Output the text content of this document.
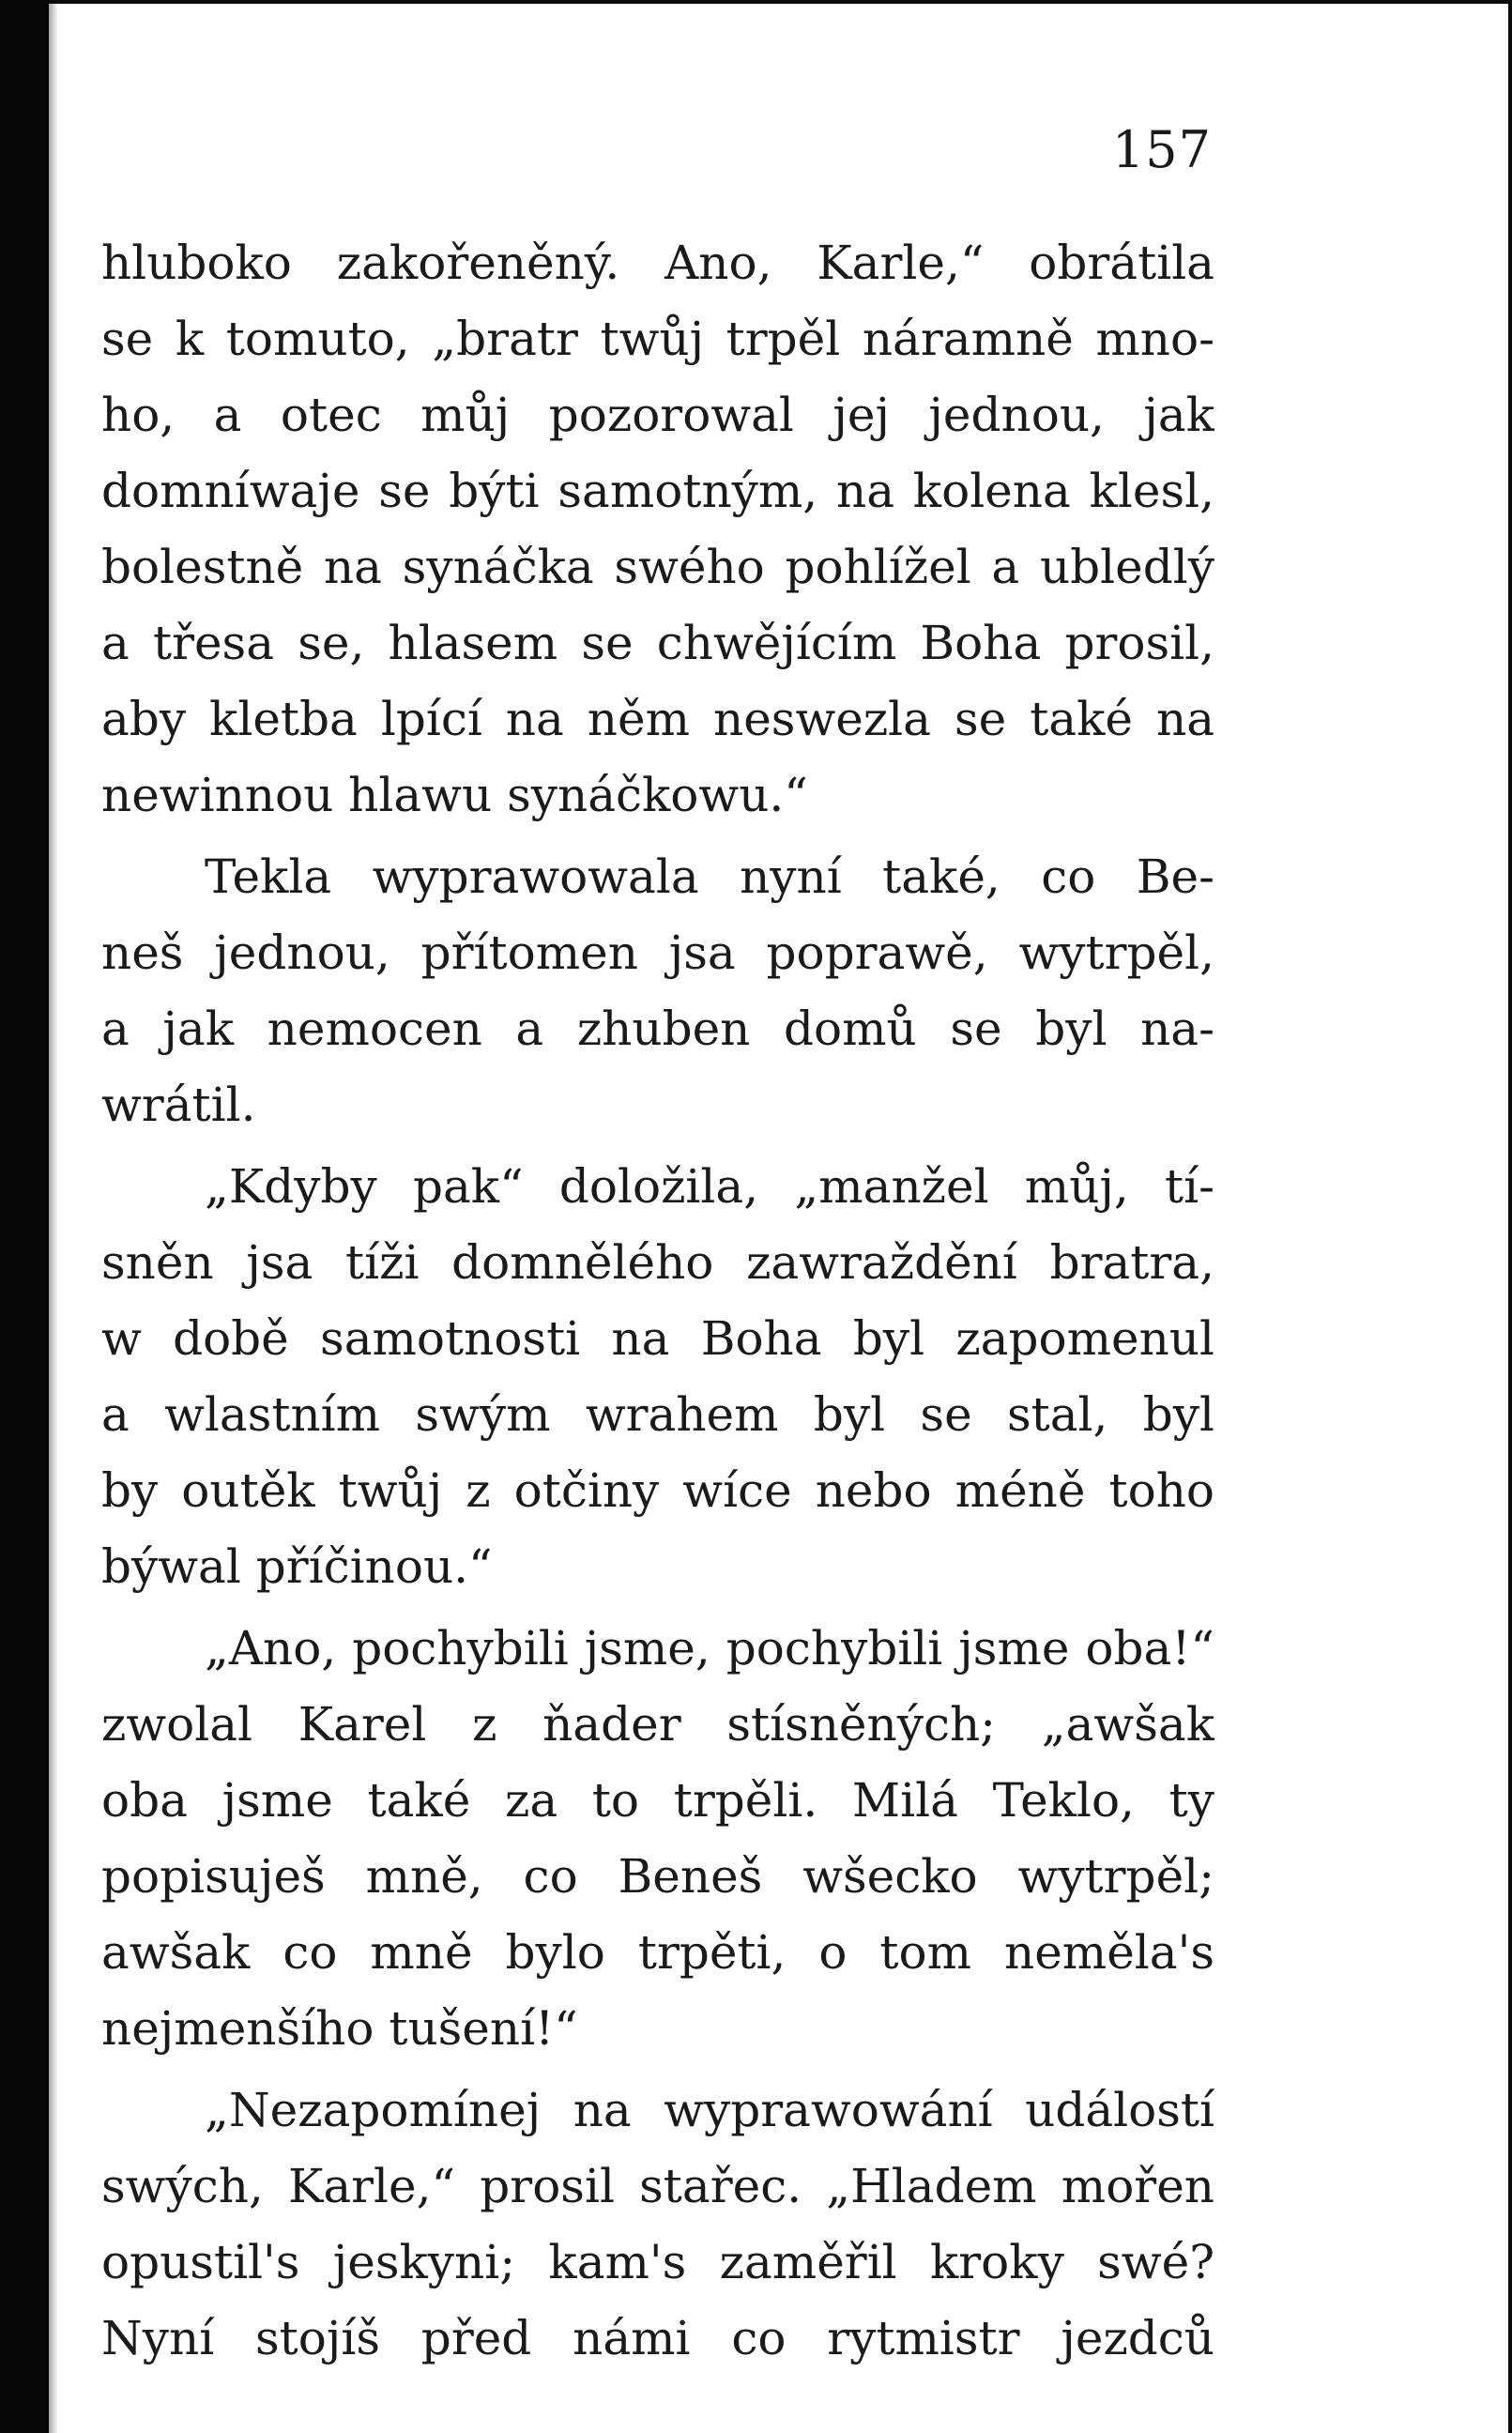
157
hluboko zakořeněný. Ano, Karle,“ obrátila
se k tomuto, „bratr twůj trpěl náramně mno-
ho, a otec můj pozorowal jej jednou, jak
domníwaje se býti samotným, na kolena klesl,
bolestně na synáčka swého pohlížel a ubledlý
a třesa se, hlasem se chwějícím Boha prosil,
aby kletba lpící na něm neswezla se také na
newinnou hlawu synáčkowu.“
Tekla wyprawowala nyní také, co Be-
neš jednou, přítomen jsa poprawě, wytrpěl,
a jak nemocen a zhuben domů se byl na-
wrátil.
„Kdyby pak“ doložila, „manžel můj, tí-
sněn jsa tíži domnělého zawraždění bratra,
w době samotnosti na Boha byl zapomenul
a wlastním swým wrahem byl se stal, byl
by outěk twůj z otčiny wíce nebo méně toho
býwal příčinou.“
„Ano, pochybili jsme, pochybili jsme oba!“
zwolal Karel z ňader stísněných; „awšak
oba jsme také za to trpěli. Milá Teklo, ty
popisuješ mně, co Beneš wšecko wytrpěl;
awšak co mně bylo trpěti, o tom neměla's
nejmenšího tušení!“
„Nezapomínej na wyprawowání událostí
swých, Karle,“ prosil stařec. „Hladem mořen
opustil's jeskyni; kam's zaměřil kroky swé?
Nyní stojíš před námi co rytmistr jezdců
